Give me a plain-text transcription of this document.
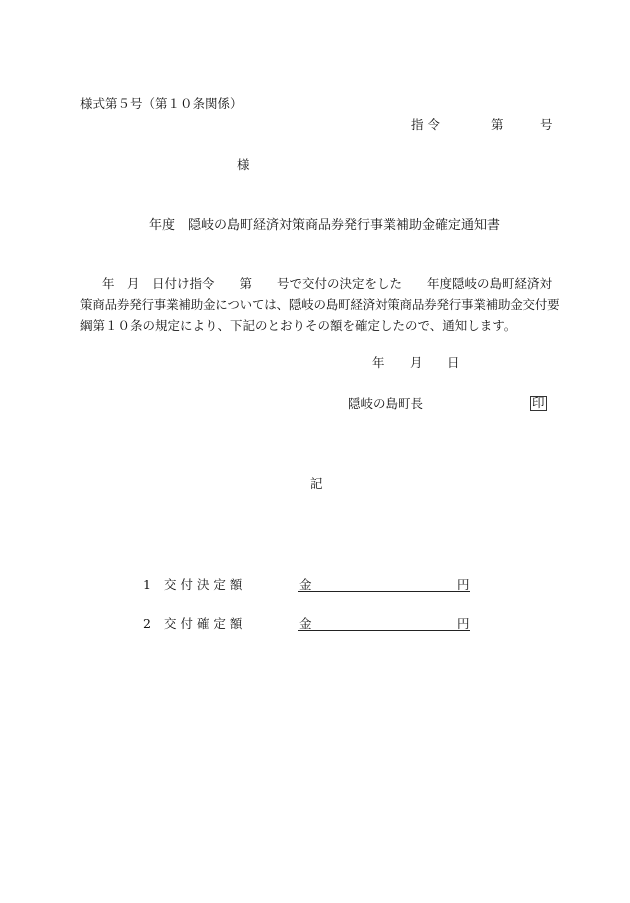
様式第５号（第１０条関係）
指 令	第	号
様
年度　隠岐の島町経済対策商品券発行事業補助金確定通知書
年　月　日付け指令　　第　　号で交付の決定をした　　年度隠岐の島町経済対
策商品券発行事業補助金については、隠岐の島町経済対策商品券発行事業補助金交付要
綱第１０条の規定により、下記のとおりその額を確定したので、通知します。
年 月 日
隠岐の島町長	印
記
1 交 付 決 定 額	金	円
2 交 付 確 定 額	金	円
